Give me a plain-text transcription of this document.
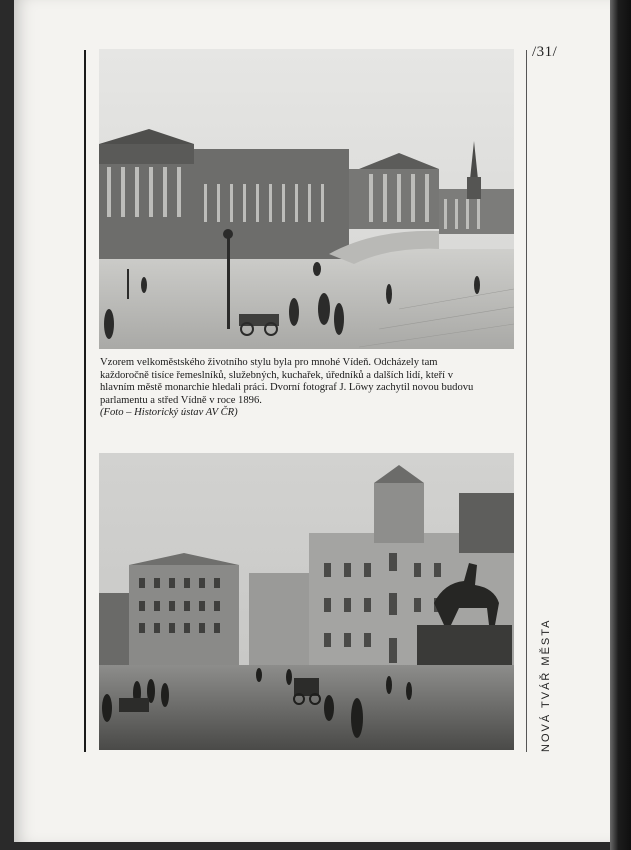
/31/
Vzorem velkoměstského životního stylu byla pro mnohé Vídeň. Odcházely tam každoročně tisíce řemeslníků, služebných, kuchařek, úředníků a dalších lidí, kteří v hlavním městě monarchie hledali práci. Dvorní fotograf J. Löwy zachytil novou budovu parlamentu a střed Vídně v roce 1896.
(Foto – Historický ústav AV ČR)
NOVÁ TVÁŘ MĚSTA
